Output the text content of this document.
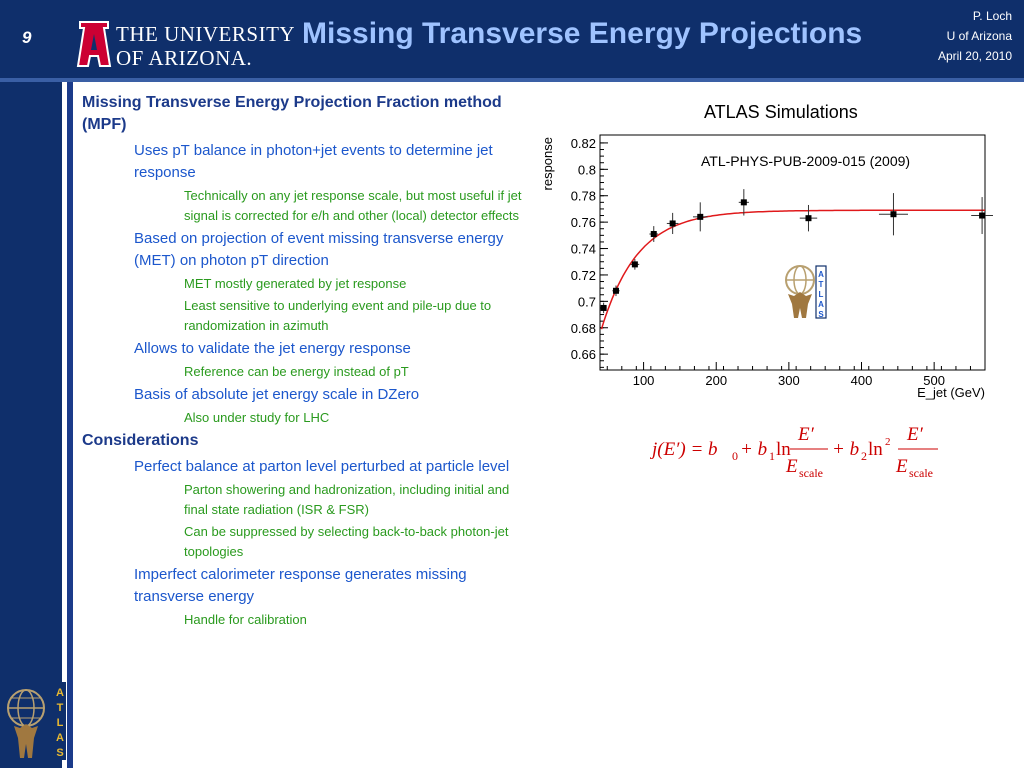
9	THE UNIVERSITY
OF ARIZONA.
Missing Transverse Energy Projections
P. Loch
U of Arizona
April 20, 2010
A
T
L
A
S
Missing Transverse Energy Projection Fraction method (MPF)
Uses pT balance in photon+jet events to determine jet response
Technically on any jet response scale, but most useful if jet signal is corrected for e/h and other (local) detector effects
Based on projection of event missing transverse energy (MET) on photon pT direction
MET mostly generated by jet response
Least sensitive to underlying event and pile-up due to randomization in azimuth
Allows to validate the jet energy response
Reference can be energy instead of pT
Basis of absolute jet energy scale in DZero
Also under study for LHC
Considerations
Perfect balance at parton level perturbed at particle level
Parton showering and hadronization, including initial and final state radiation (ISR & FSR)
Can be suppressed by selecting back-to-back photon-jet topologies
Imperfect calorimeter response generates missing transverse energy
Handle for calibration
ATLAS Simulations
0.66
0.68
0.7
0.72
0.74
0.76
0.78
0.8
0.82
100	200	300	400	500
response
E_jet (GeV)
ATL-PHYS-PUB-2009-015 (2009)
A
T
L
A
S
j(E′) = b 0 + b 1 ln
E′
E scale
+ b 2 ln 2 E′
E scale
